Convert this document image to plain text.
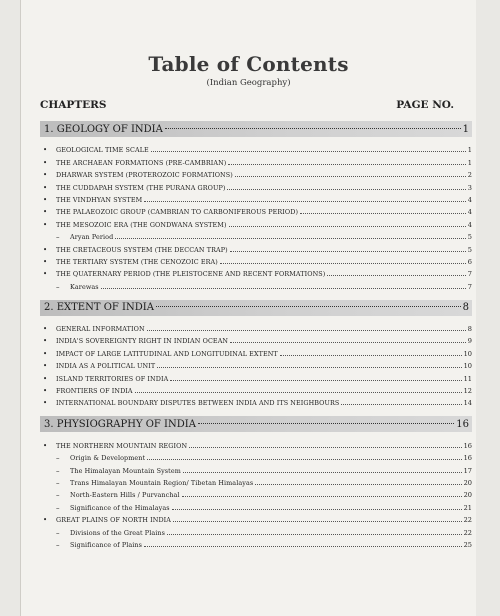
Table of Contents
(Indian Geography)
CHAPTERS	PAGE NO.
1. GEOLOGY OF INDIA	1
•	GEOLOGICAL TIME SCALE	1
•	THE ARCHAEAN FORMATIONS (PRE-CAMBRIAN)	1
•	DHARWAR SYSTEM (PROTEROZOIC FORMATIONS)	2
•	THE CUDDAPAH SYSTEM (THE PURANA GROUP)	3
•	THE VINDHYAN SYSTEM	4
•	THE PALAEOZOIC GROUP (CAMBRIAN TO CARBONIFEROUS PERIOD)	4
•	THE MESOZOIC ERA (THE GONDWANA SYSTEM)	4
–	Aryan Period	5
•	THE CRETACEOUS SYSTEM (THE DECCAN TRAP)	5
•	THE TERTIARY SYSTEM (THE CENOZOIC ERA)	6
•	THE QUATERNARY PERIOD (THE PLEISTOCENE AND RECENT FORMATIONS)	7
–	Karewas	7
2. EXTENT OF INDIA	8
•	GENERAL INFORMATION	8
•	INDIA'S SOVEREIGNTY RIGHT IN INDIAN OCEAN	9
•	IMPACT OF LARGE LATITUDINAL AND LONGITUDINAL EXTENT	10
•	INDIA AS A POLITICAL UNIT	10
•	ISLAND TERRITORIES OF INDIA	11
•	FRONTIERS OF INDIA	12
•	INTERNATIONAL BOUNDARY DISPUTES BETWEEN INDIA AND ITS NEIGHBOURS	14
3. PHYSIOGRAPHY OF INDIA	16
•	THE NORTHERN MOUNTAIN REGION	16
–	Origin & Development	16
–	The Himalayan Mountain System	17
–	Trans Himalayan Mountain Region/ Tibetan Himalayas	20
–	North-Eastern Hills / Purvanchal	20
–	Significance of the Himalayas	21
•	GREAT PLAINS OF NORTH INDIA	22
–	Divisions of the Great Plains	22
–	Significance of Plains	25
